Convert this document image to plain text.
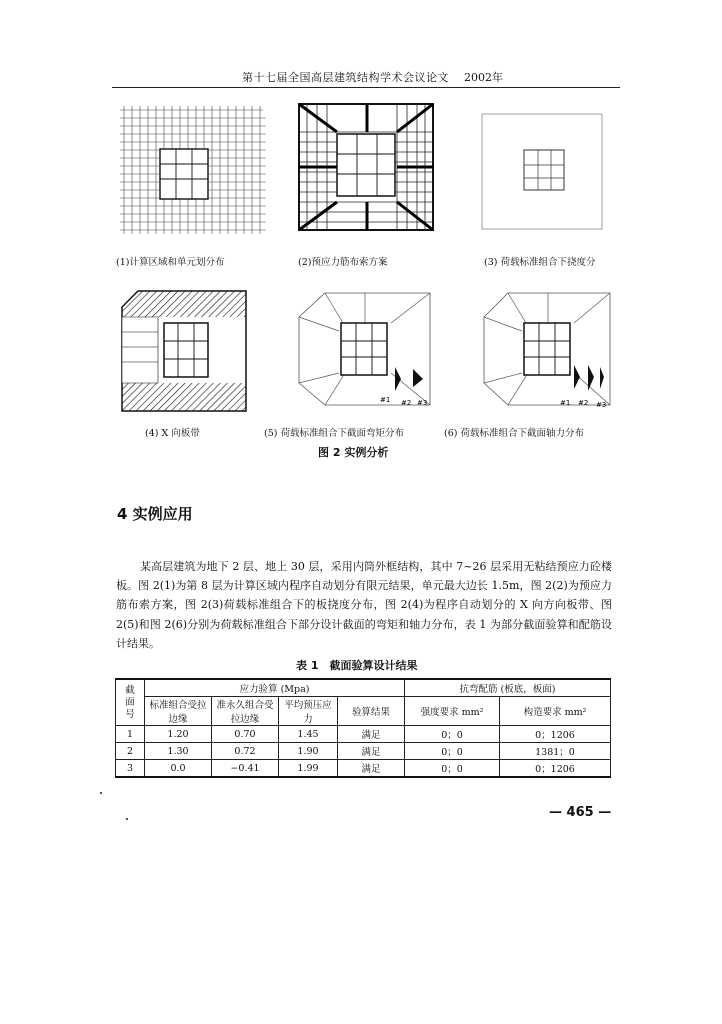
第十七届全国高层建筑结构学术会议论文 2002年
(1)计算区域和单元划分布	(2)预应力筋布索方案	(3) 荷载标准组合下挠度分
#1 #2 #3	#1 #2 #3
(4) X 向板带	(5) 荷载标准组合下截面弯矩分布	(6) 荷载标准组合下截面轴力分布
图 2 实例分析
4 实例应用
某高层建筑为地下 2 层、地上 30 层，采用内筒外框结构，其中 7~26 层采用无粘结预应力砼楼板。图 2(1)为第 8 层为计算区域内程序自动划分有限元结果，单元最大边长 1.5m，图 2(2)为预应力筋布索方案，图 2(3)荷载标准组合下的板挠度分布，图 2(4)为程序自动划分的 X 向方向板带、图 2(5)和图 2(6)分别为荷载标准组合下部分设计截面的弯矩和轴力分布，表 1 为部分截面验算和配筋设计结果。
表 1　截面验算设计结果
截
面
号	应力验算 (Mpa)				抗弯配筋 (板底，板面)	
	标准组合受拉边缘	准永久组合受拉边缘	平均预压应力	验算结果	强度要求 mm²	构造要求 mm²

1	1.20	0.70	1.45	满足	0；0	0；1206
2	1.30	0.72	1.90	满足	0；0	1381；0
3	0.0	−0.41	1.99	满足	0；0	0；1206
— 465 —
